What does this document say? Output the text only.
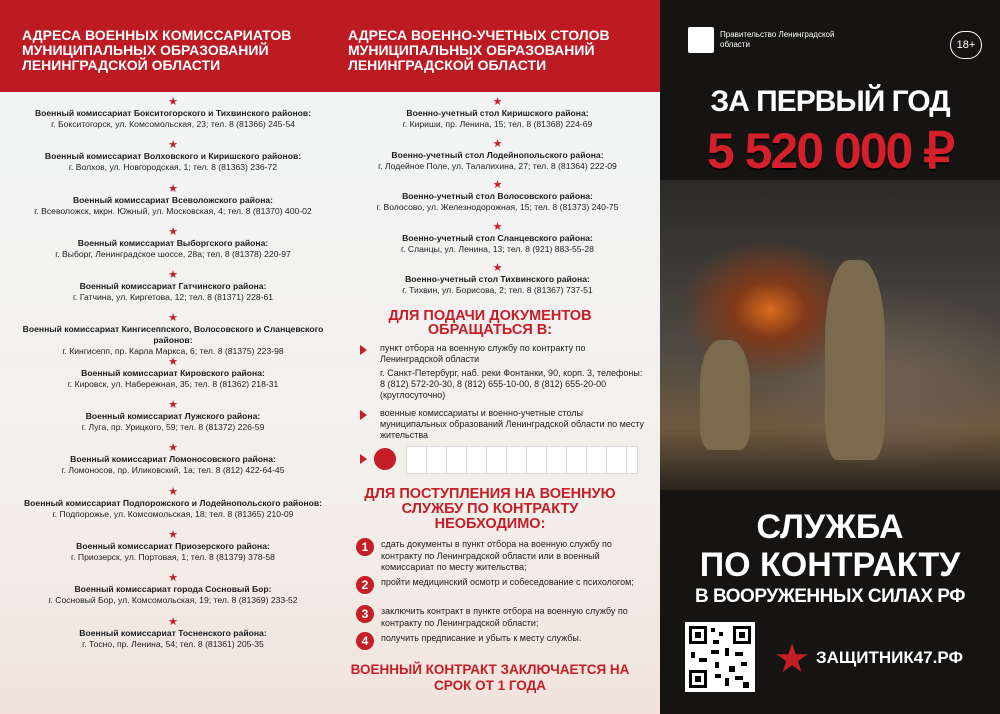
АДРЕСА ВОЕННЫХ КОМИССАРИАТОВ МУНИЦИПАЛЬНЫХ ОБРАЗОВАНИЙ ЛЕНИНГРАДСКОЙ ОБЛАСТИ
АДРЕСА ВОЕННО-УЧЕТНЫХ СТОЛОВ МУНИЦИПАЛЬНЫХ ОБРАЗОВАНИЙ ЛЕНИНГРАДСКОЙ ОБЛАСТИ
★
Военный комиссариат Бокситогорского и Тихвинского районов:
г. Бокситогорск, ул. Комсомольская, 23; тел. 8 (81366) 245-54
★
Военный комиссариат Волховского и Киришского районов:
г. Волхов, ул. Новгородская, 1; тел. 8 (81363) 236-72
★
Военный комиссариат Всеволожского района:
г. Всеволожск, мкрн. Южный, ул. Московская, 4; тел. 8 (81370) 400-02
★
Военный комиссариат Выборгского района:
г. Выборг, Ленинградское шоссе, 28а; тел. 8 (81378) 220-97
★
Военный комиссариат Гатчинского района:
г. Гатчина, ул. Киргетова, 12; тел. 8 (81371) 228-61
★
Военный комиссариат Кингисеппского, Волосовского и Сланцевского районов:
г. Кингисепп, пр. Карла Маркса, 6; тел. 8 (81375) 223-98
★
Военный комиссариат Кировского района:
г. Кировск, ул. Набережная, 35; тел. 8 (81362) 218-31
★
Военный комиссариат Лужского района:
г. Луга, пр. Урицкого, 59; тел. 8 (81372) 226-59
★
Военный комиссариат Ломоносовского района:
г. Ломоносов, пр. Иликовский, 1а; тел. 8 (812) 422-64-45
★
Военный комиссариат Подпорожского и Лодейнопольского районов:
г. Подпорожье, ул. Комсомольская, 18; тел. 8 (81365) 210-09
★
Военный комиссариат Приозерского района:
г. Приозерск, ул. Портовая, 1; тел. 8 (81379) 378-58
★
Военный комиссариат города Сосновый Бор:
г. Сосновый Бор, ул. Комсомольская, 19; тел. 8 (81369) 233-52
★
Военный комиссариат Тосненского района:
г. Тосно, пр. Ленина, 54; тел. 8 (81361) 205-35
★
Военно-учетный стол Киришского района:
г. Кириши, пр. Ленина, 15; тел. 8 (81368) 224-69
★
Военно-учетный стол Лодейнопольского района:
г. Лодейное Поле, ул. Талалихина, 27; тел. 8 (81364) 222-09
★
Военно-учетный стол Волосовского района:
г. Волосово, ул. Железнодорожная, 15; тел. 8 (81373) 240-75
★
Военно-учетный стол Сланцевского района:
г. Сланцы, ул. Ленина, 13; тел. 8 (921) 883-55-28
★
Военно-учетный стол Тихвинского района:
г. Тихвин, ул. Борисова, 2; тел. 8 (81367) 737-51
ДЛЯ ПОДАЧИ ДОКУМЕНТОВ ОБРАЩАТЬСЯ В:
пункт отбора на военную службу по контракту по Ленинградской области
г. Санкт-Петербург, наб. реки Фонтанки, 90, корп. 3, телефоны: 8 (812) 572-20-30, 8 (812) 655-10-00, 8 (812) 655-20-00 (круглосуточно)
военные комиссариаты и военно-учетные столы муниципальных образований Ленинградской области по месту жительства
ДЛЯ ПОСТУПЛЕНИЯ НА ВОЕННУЮ СЛУЖБУ ПО КОНТРАКТУ НЕОБХОДИМО:
1	сдать документы в пункт отбора на военную службу по контракту по Ленинградской области или в военный комиссариат по месту жительства;
2	пройти медицинский осмотр и собеседование с психологом;
3	заключить контракт в пункте отбора на военную службу по контракту по Ленинградской области;
4	получить предписание и убыть к месту службы.
ВОЕННЫЙ КОНТРАКТ ЗАКЛЮЧАЕТСЯ НА СРОК ОТ 1 ГОДА
Правительство Ленинградской области	18+
ЗА ПЕРВЫЙ ГОД
5 520 000 ₽
СЛУЖБА
ПО КОНТРАКТУ
В ВООРУЖЕННЫХ СИЛАХ РФ
★ ЗАЩИТНИК47.РФ
